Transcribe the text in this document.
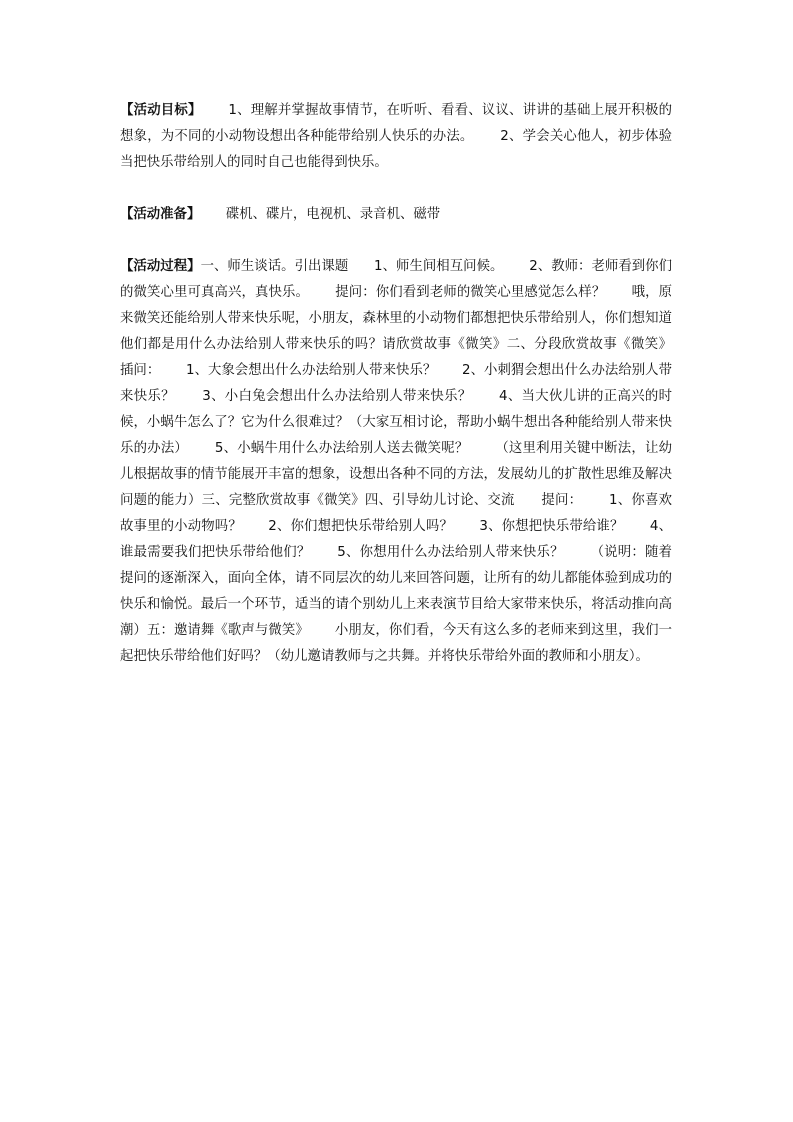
【活动目标】      1、理解并掌握故事情节，在听听、看看、议议、讲讲的基础上展开积极的想象，为不同的小动物设想出各种能带给别人快乐的办法。      2、学会关心他人，初步体验当把快乐带给别人的同时自己也能得到快乐。

【活动准备】      碟机、碟片，电视机、录音机、磁带

【活动过程】一、师生谈话。引出课题      1、师生间相互问候。      2、教师：老师看到你们的微笑心里可真高兴，真快乐。      提问：你们看到老师的微笑心里感觉怎么样？      哦，原来微笑还能给别人带来快乐呢，小朋友，森林里的小动物们都想把快乐带给别人，你们想知道他们都是用什么办法给别人带来快乐的吗？请欣赏故事《微笑》二、分段欣赏故事《微笑》      插问：      1、大象会想出什么办法给别人带来快乐？      2、小刺猬会想出什么办法给别人带来快乐？      3、小白兔会想出什么办法给别人带来快乐？      4、当大伙儿讲的正高兴的时候，小蜗牛怎么了？它为什么很难过？（大家互相讨论，帮助小蜗牛想出各种能给别人带来快乐的办法）      5、小蜗牛用什么办法给别人送去微笑呢？      （这里利用关键中断法，让幼儿根据故事的情节能展开丰富的想象，设想出各种不同的方法，发展幼儿的扩散性思维及解决问题的能力）三、完整欣赏故事《微笑》四、引导幼儿讨论、交流      提问：      1、你喜欢故事里的小动物吗？      2、你们想把快乐带给别人吗？      3、你想把快乐带给谁？      4、谁最需要我们把快乐带给他们？      5、你想用什么办法给别人带来快乐？      （说明：随着提问的逐渐深入，面向全体，请不同层次的幼儿来回答问题，让所有的幼儿都能体验到成功的快乐和愉悦。最后一个环节，适当的请个别幼儿上来表演节目给大家带来快乐，将活动推向高潮）五：邀请舞《歌声与微笑》      小朋友，你们看，今天有这么多的老师来到这里，我们一起把快乐带给他们好吗？（幼儿邀请教师与之共舞。并将快乐带给外面的教师和小朋友）。
